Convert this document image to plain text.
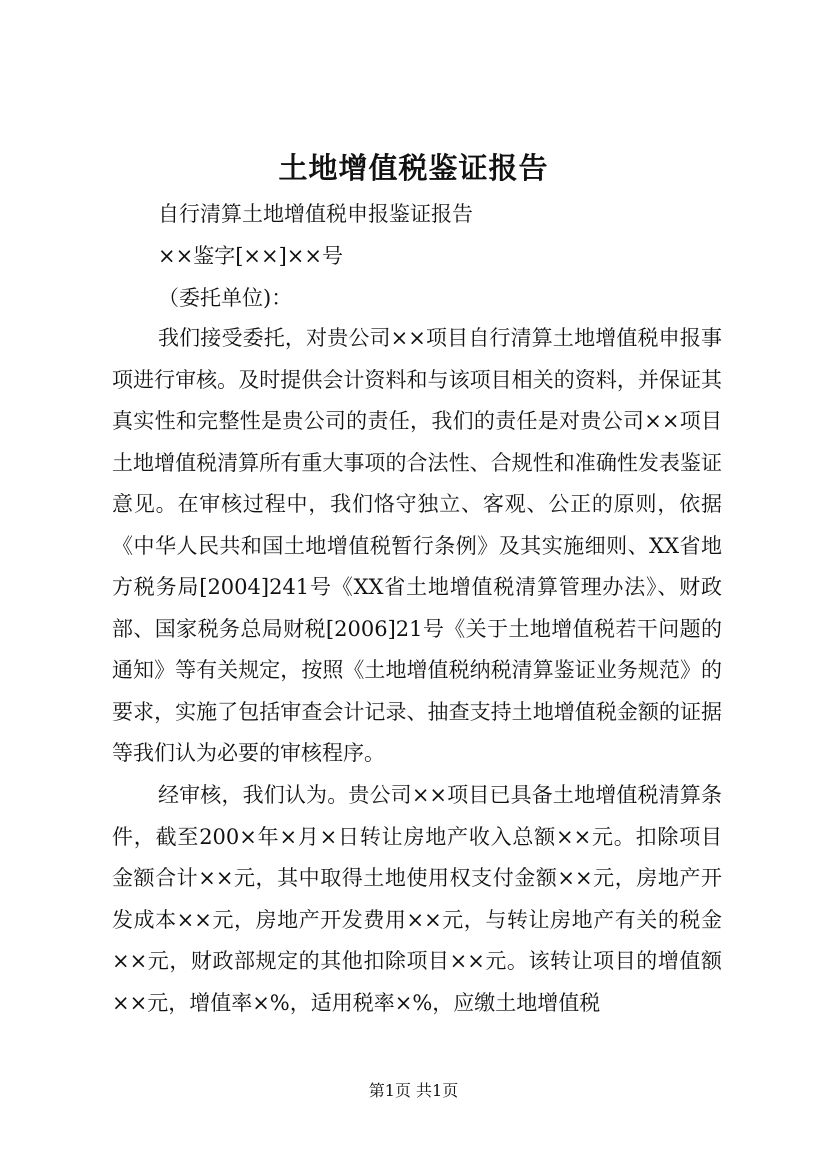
土地增值税鉴证报告
自行清算土地增值税申报鉴证报告
××鉴字[××]××号
（委托单位)：
我们接受委托，对贵公司××项目自行清算土地增值税申报事项进行审核。及时提供会计资料和与该项目相关的资料，并保证其真实性和完整性是贵公司的责任，我们的责任是对贵公司××项目土地增值税清算所有重大事项的合法性、合规性和准确性发表鉴证意见。在审核过程中，我们恪守独立、客观、公正的原则，依据《中华人民共和国土地增值税暂行条例》及其实施细则、XX省地方税务局[2004]241号《XX省土地增值税清算管理办法》、财政部、国家税务总局财税[2006]21号《关于土地增值税若干问题的通知》等有关规定，按照《土地增值税纳税清算鉴证业务规范》的要求，实施了包括审查会计记录、抽查支持土地增值税金额的证据等我们认为必要的审核程序。
经审核，我们认为。贵公司××项目已具备土地增值税清算条件，截至200×年×月×日转让房地产收入总额××元。扣除项目金额合计××元，其中取得土地使用权支付金额××元，房地产开发成本××元，房地产开发费用××元，与转让房地产有关的税金××元，财政部规定的其他扣除项目××元。该转让项目的增值额××元，增值率×%，适用税率×%，应缴土地增值税
第1页 共1页
